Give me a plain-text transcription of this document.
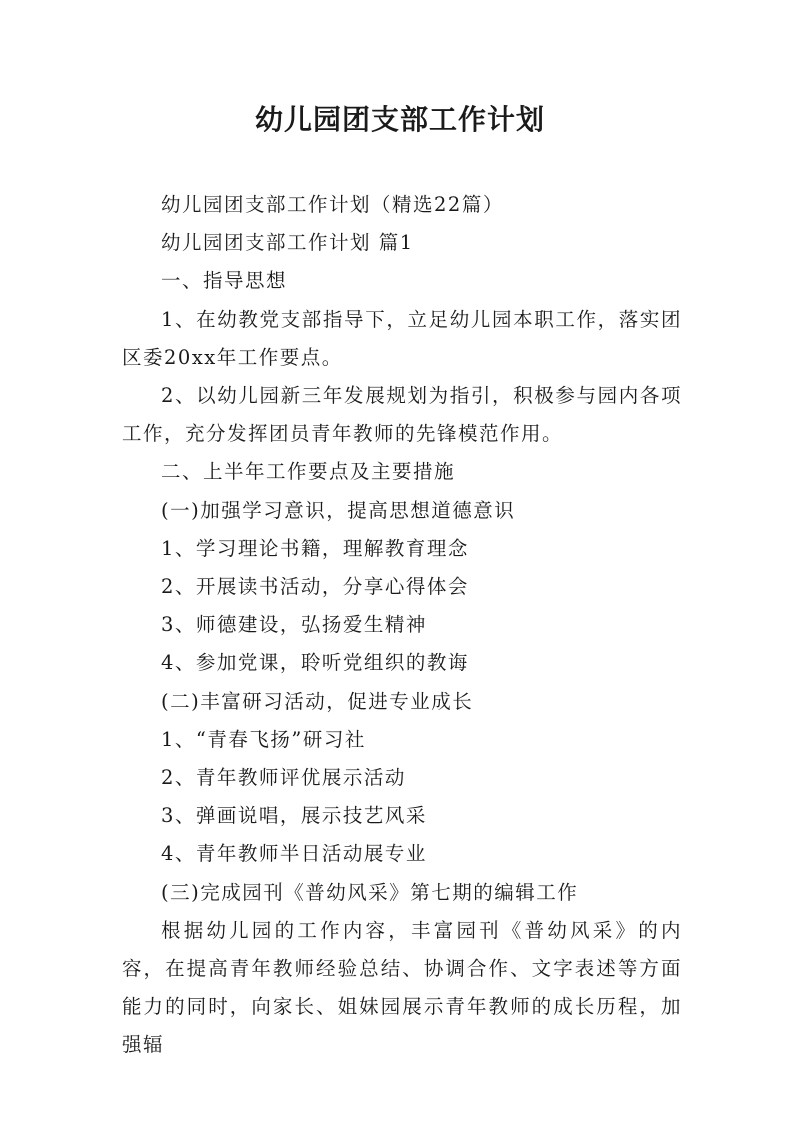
幼儿园团支部工作计划

幼儿园团支部工作计划（精选22篇）

幼儿园团支部工作计划 篇1

一、指导思想

1、在幼教党支部指导下，立足幼儿园本职工作，落实团区委20xx年工作要点。

2、以幼儿园新三年发展规划为指引，积极参与园内各项工作，充分发挥团员青年教师的先锋模范作用。

二、上半年工作要点及主要措施

(一)加强学习意识，提高思想道德意识

1、学习理论书籍，理解教育理念

2、开展读书活动，分享心得体会

3、师德建设，弘扬爱生精神

4、参加党课，聆听党组织的教诲

(二)丰富研习活动，促进专业成长

1、“青春飞扬”研习社

2、青年教师评优展示活动

3、弹画说唱，展示技艺风采

4、青年教师半日活动展专业

(三)完成园刊《普幼风采》第七期的编辑工作

根据幼儿园的工作内容，丰富园刊《普幼风采》的内容，在提高青年教师经验总结、协调合作、文字表述等方面能力的同时，向家长、姐妹园展示青年教师的成长历程，加强辐
